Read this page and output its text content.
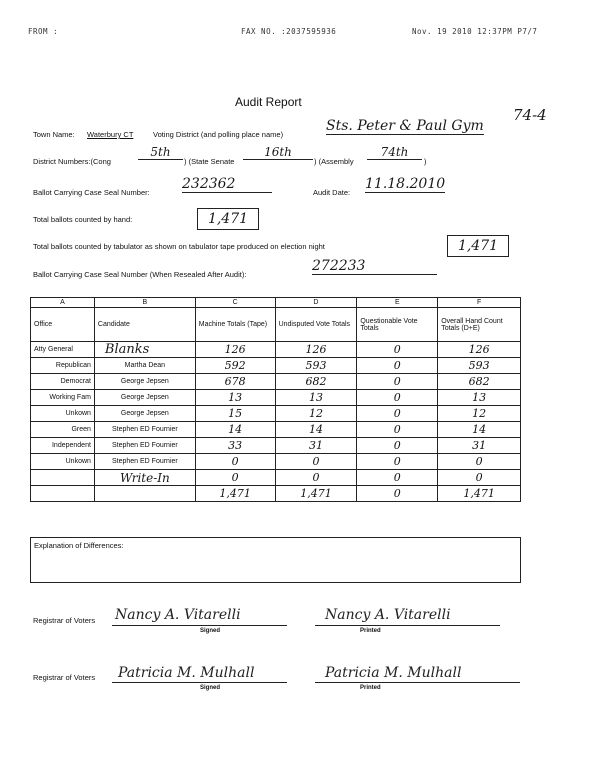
FROM :	FAX NO. :2037595936	Nov. 19 2010 12:37PM P7/7
Audit Report
74-4
Town Name: Waterbury CT	Voting District (and polling place name)
Sts. Peter & Paul Gym
District Numbers:(Cong
5th
) (State Senate
16th
) (Assembly
74th
)
Ballot Carrying Case Seal Number:
232362
Audit Date:
11.18.2010
Total ballots counted by hand:	1,471
Total ballots counted by tabulator as shown on tabulator tape produced on election night	1,471
Ballot Carrying Case Seal Number (When Resealed After Audit):
272233
A	B	C	D	E	F
Office	Candidate	Machine Totals (Tape)	Undisputed Vote Totals	Questionable Vote Totals	Overall Hand Count Totals (D+E)
Atty General	Blanks	126	126	0	126
Republican	Martha Dean	592	593	0	593
Democrat	George Jepsen	678	682	0	682
Working Fam	George Jepsen	13	13	0	13
Unkown	George Jepsen	15	12	0	12
Green	Stephen ED Fournier	14	14	0	14
Independent	Stephen ED Fournier	33	31	0	31
Unkown	Stephen ED Fournier	0	0	0	0
	Write-In	0	0	0	0
		1,471	1,471	0	1,471
Explanation of Differences:
Registrar of Voters Nancy A. Vitarelli
Signed
Nancy A. Vitarelli
Printed
Registrar of Voters Patricia M. Mulhall
Signed
Patricia M. Mulhall
Printed
